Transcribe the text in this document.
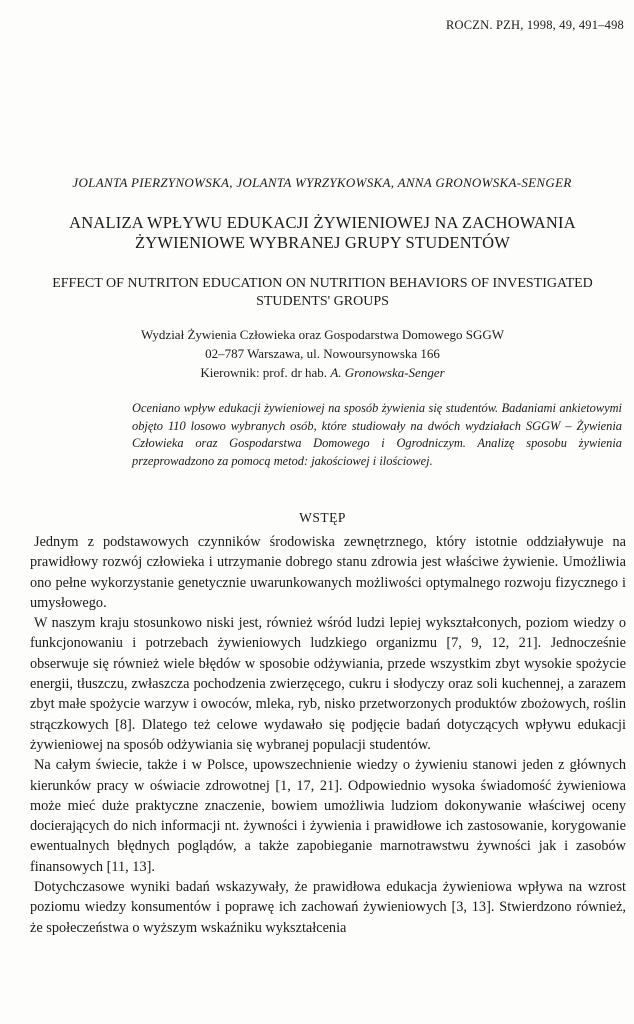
ROCZN. PZH, 1998, 49, 491–498
JOLANTA PIERZYNOWSKA, JOLANTA WYRZYKOWSKA, ANNA GRONOWSKA-SENGER
ANALIZA WPŁYWU EDUKACJI ŻYWIENIOWEJ NA ZACHOWANIA ŻYWIENIOWE WYBRANEJ GRUPY STUDENTÓW
EFFECT OF NUTRITON EDUCATION ON NUTRITION BEHAVIORS OF INVESTIGATED STUDENTS' GROUPS
Wydział Żywienia Człowieka oraz Gospodarstwa Domowego SGGW
02–787 Warszawa, ul. Nowoursynowska 166
Kierownik: prof. dr hab. A. Gronowska-Senger
Oceniano wpływ edukacji żywieniowej na sposób żywienia się studentów. Badaniami ankietowymi objęto 110 losowo wybranych osób, które studiowały na dwóch wydziałach SGGW – Żywienia Człowieka oraz Gospodarstwa Domowego i Ogrodniczym. Analizę sposobu żywienia przeprowadzono za pomocą metod: jakościowej i ilościowej.
WSTĘP

Jednym z podstawowych czynników środowiska zewnętrznego, który istotnie oddziaływuje na prawidłowy rozwój człowieka i utrzymanie dobrego stanu zdrowia jest właściwe żywienie. Umożliwia ono pełne wykorzystanie genetycznie uwarunkowanych możliwości optymalnego rozwoju fizycznego i umysłowego.

W naszym kraju stosunkowo niski jest, również wśród ludzi lepiej wykształconych, poziom wiedzy o funkcjonowaniu i potrzebach żywieniowych ludzkiego organizmu [7, 9, 12, 21]. Jednocześnie obserwuje się również wiele błędów w sposobie odżywiania, przede wszystkim zbyt wysokie spożycie energii, tłuszczu, zwłaszcza pochodzenia zwierzęcego, cukru i słodyczy oraz soli kuchennej, a zarazem zbyt małe spożycie warzyw i owoców, mleka, ryb, nisko przetworzonych produktów zbożowych, roślin strączkowych [8]. Dlatego też celowe wydawało się podjęcie badań dotyczących wpływu edukacji żywieniowej na sposób odżywiania się wybranej populacji studentów.

Na całym świecie, także i w Polsce, upowszechnienie wiedzy o żywieniu stanowi jeden z głównych kierunków pracy w oświacie zdrowotnej [1, 17, 21]. Odpowiednio wysoka świadomość żywieniowa może mieć duże praktyczne znaczenie, bowiem umożliwia ludziom dokonywanie właściwej oceny docierających do nich informacji nt. żywności i żywienia i prawidłowe ich zastosowanie, korygowanie ewentualnych błędnych poglądów, a także zapobieganie marnotrawstwu żywności jak i zasobów finansowych [11, 13].

Dotychczasowe wyniki badań wskazywały, że prawidłowa edukacja żywieniowa wpływa na wzrost poziomu wiedzy konsumentów i poprawę ich zachowań żywieniowych [3, 13]. Stwierdzono również, że społeczeństwa o wyższym wskaźniku wykształcenia
